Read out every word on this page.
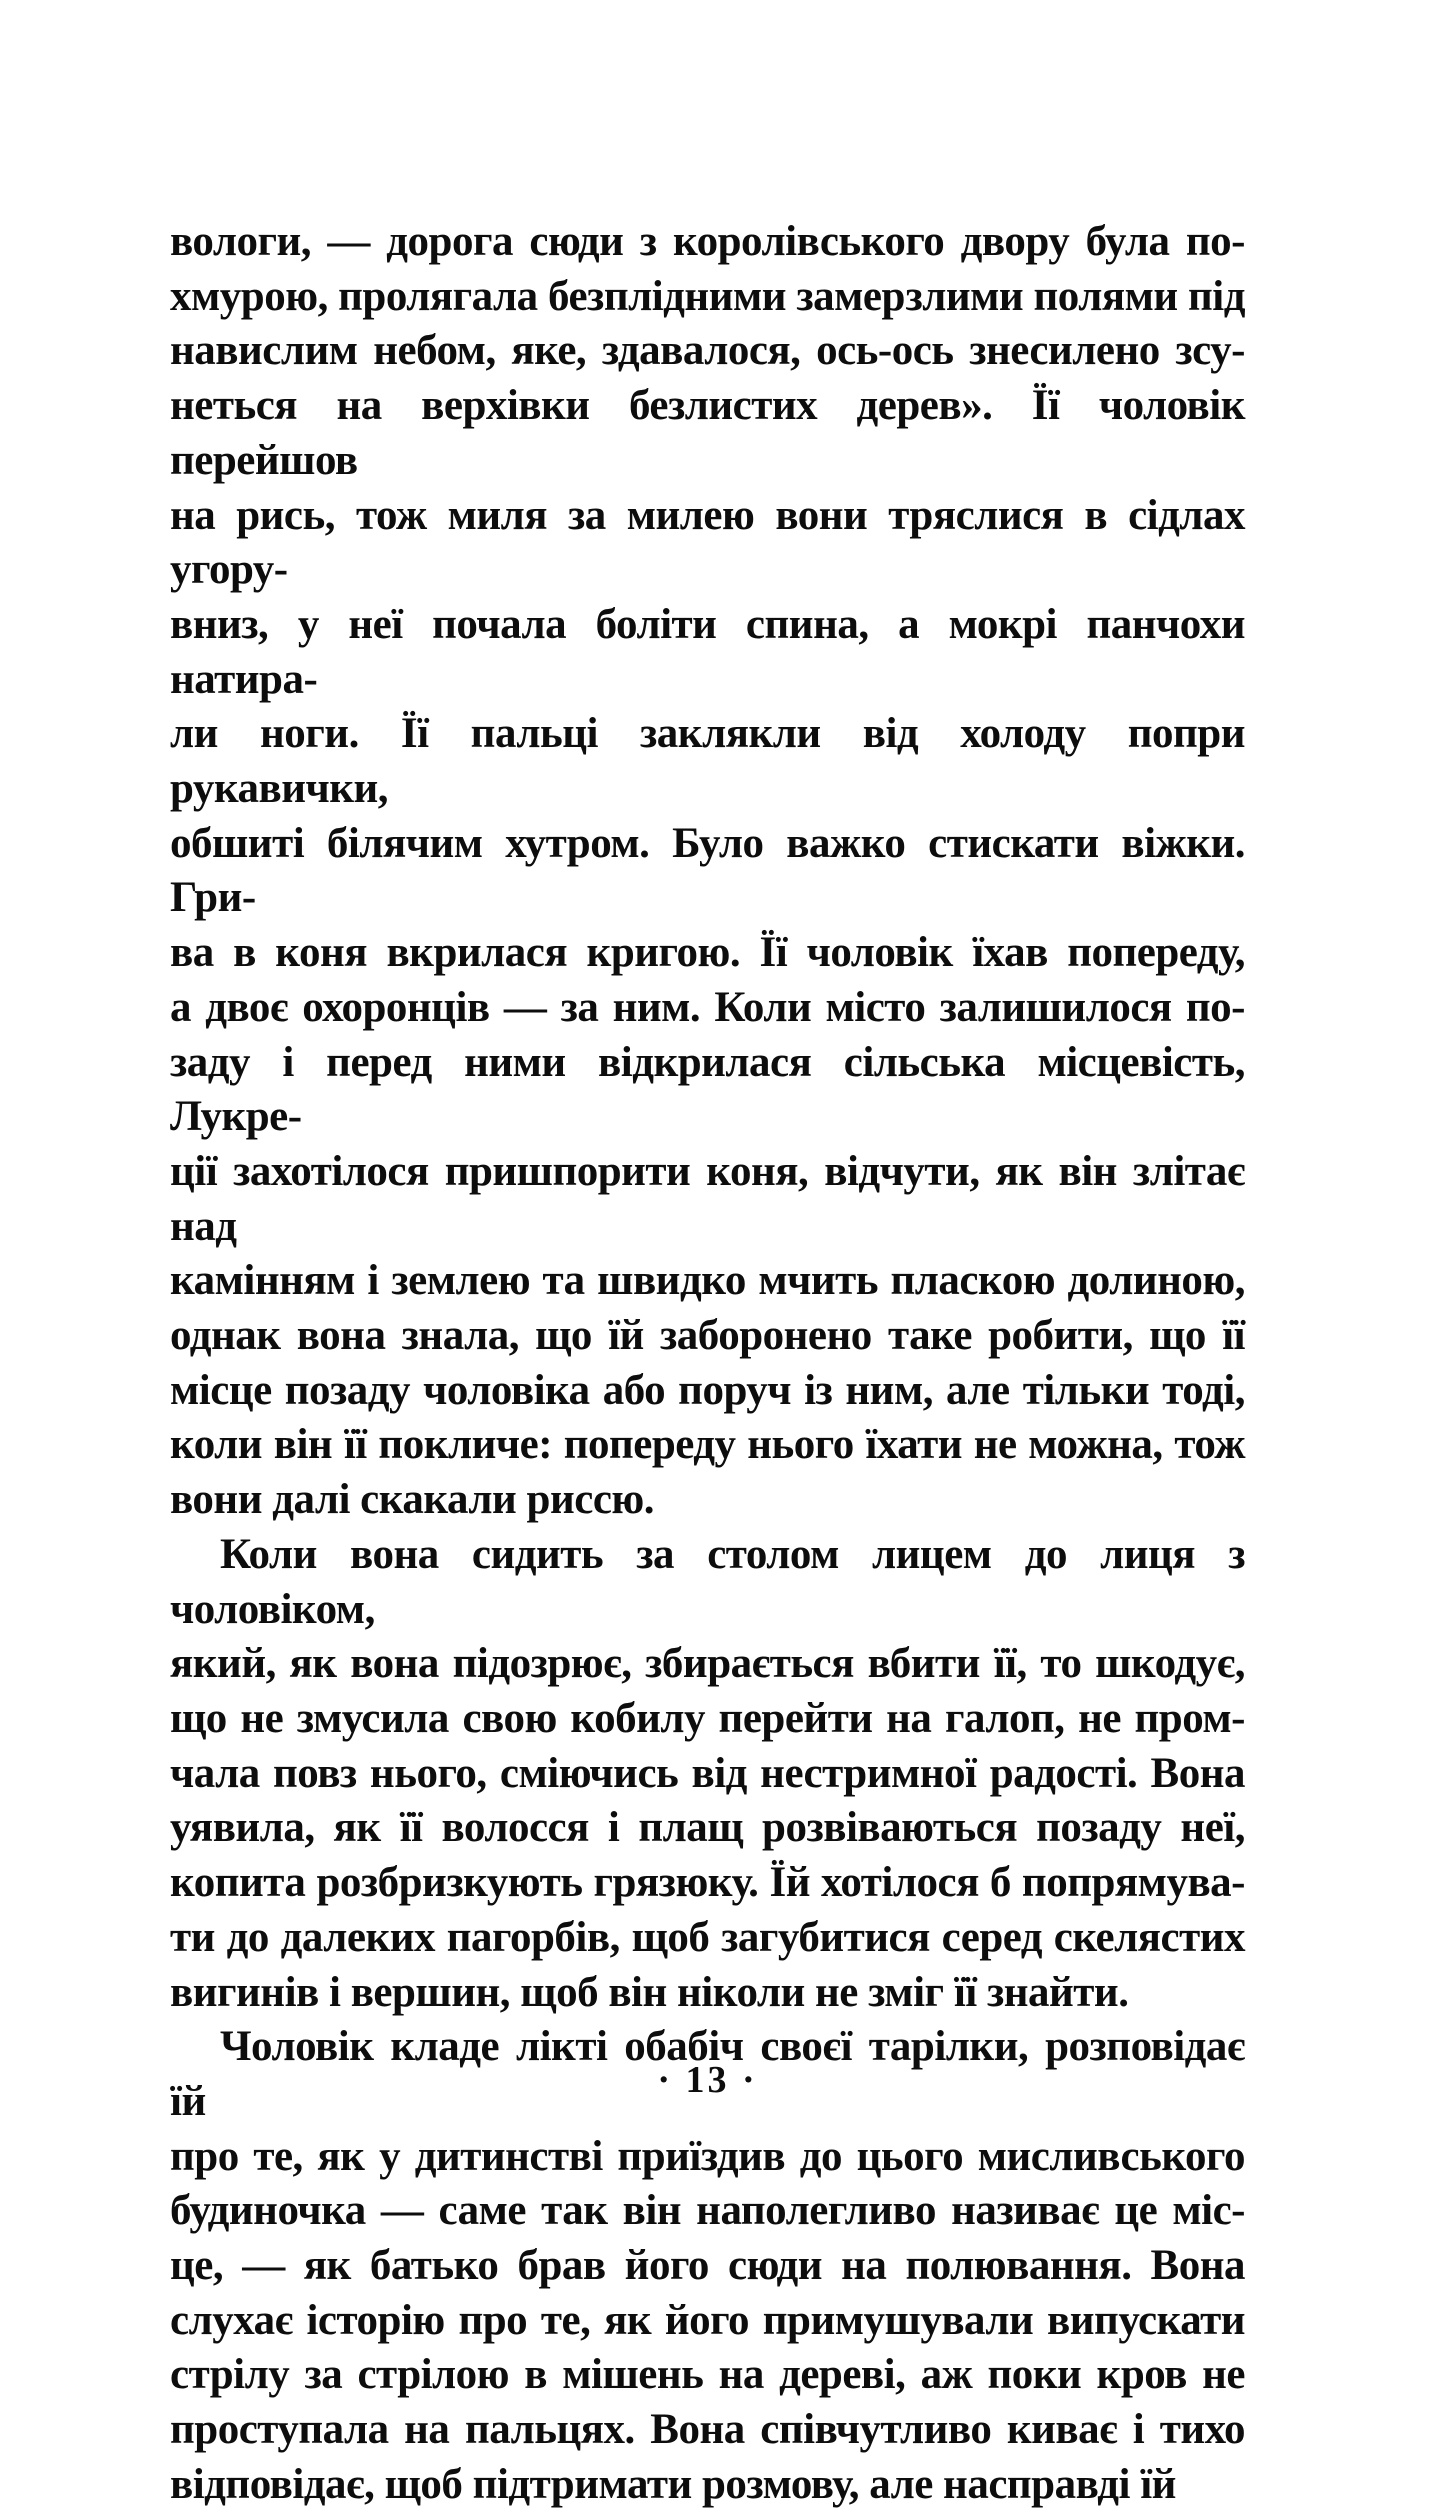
вологи, — дорога сюди з королівського двору була по-
хмурою, пролягала безплідними замерзлими полями під
навислим небом, яке, здавалося, ось-ось знесилено зсу-
неться на верхівки безлистих дерев». Її чоловік перейшов
на рись, тож миля за милею вони тряслися в сідлах угору-
вниз, у неї почала боліти спина, а мокрі панчохи натира-
ли ноги. Її пальці заклякли від холоду попри рукавички,
обшиті білячим хутром. Було важко стискати віжки. Гри-
ва в коня вкрилася кригою. Її чоловік їхав попереду,
а двоє охоронців — за ним. Коли місто залишилося по-
заду і перед ними відкрилася сільська місцевість, Лукре-
ції захотілося пришпорити коня, відчути, як він злітає над
камінням і землею та швидко мчить пласкою долиною,
однак вона знала, що їй заборонено таке робити, що її
місце позаду чоловіка або поруч із ним, але тільки тоді,
коли він її покличе: попереду нього їхати не можна, тож
вони далі скакали риссю.
Коли вона сидить за столом лицем до лиця з чоловіком,
який, як вона підозрює, збирається вбити її, то шкодує,
що не змусила свою кобилу перейти на галоп, не пром-
чала повз нього, сміючись від нестримної радості. Вона
уявила, як її волосся і плащ розвіваються позаду неї,
копита розбризкують грязюку. Їй хотілося б попрямува-
ти до далеких пагорбів, щоб загубитися серед скелястих
вигинів і вершин, щоб він ніколи не зміг її знайти.
Чоловік кладе лікті обабіч своєї тарілки, розповідає їй
про те, як у дитинстві приїздив до цього мисливського
будиночка — саме так він наполегливо називає це міс-
це, — як батько брав його сюди на полювання. Вона
слухає історію про те, як його примушували випускати
стрілу за стрілою в мішень на дереві, аж поки кров не
проступала на пальцях. Вона співчутливо киває і тихо
відповідає, щоб підтримати розмову, але насправді їй
· 13 ·
